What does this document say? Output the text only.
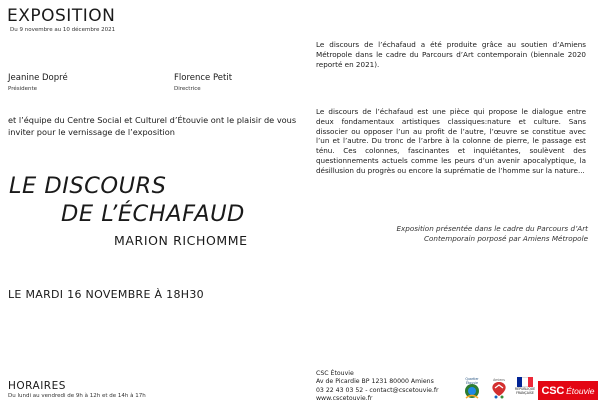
EXPOSITION
Du 9 novembre au 10 décembre 2021
Jeanine Dopré
Présidente
Florence Petit
Directrice

et l’équipe du Centre Social et Culturel d’Étouvie ont le plaisir de vous inviter pour le vernissage de l’exposition

LE DISCOURS
DE L’ÉCHAFAUD
MARION RICHOMME
LE MARDI 16 NOVEMBRE À 18H30
HORAIRES
Du lundi au vendredi de 9h à 12h et de 14h à 17h

Le discours de l’échafaud a été produite grâce au soutien d’Amiens Métropole dans le cadre du Parcours d’Art contemporain (biennale 2020 reporté en 2021).

Le discours de l’échafaud est une pièce qui propose le dialogue entre deux fondamentaux artistiques classiques:nature et culture. Sans dissocier ou opposer l’un au profit de l’autre, l’œuvre se constitue avec l’un et l’autre. Du tronc de l’arbre à la colonne de pierre, le passage est ténu. Ces colonnes, fascinantes et inquiétantes, soulèvent des questionnements actuels comme les peurs d’un avenir apocalyptique, la désillusion du progrès ou encore la suprématie de l’homme sur la nature...

Exposition présentée dans le cadre du Parcours d’Art
Contemporain porposé par Amiens Métropole
CSC Étouvie
Av de Picardie BP 1231 80000 Amiens
03 22 43 03 52 - contact@cscetouvie.fr
www.cscetouvie.fr
Quartier Étouvie
Amiens
RÉPUBLIQUE FRANÇAISE CSC Étouvie
